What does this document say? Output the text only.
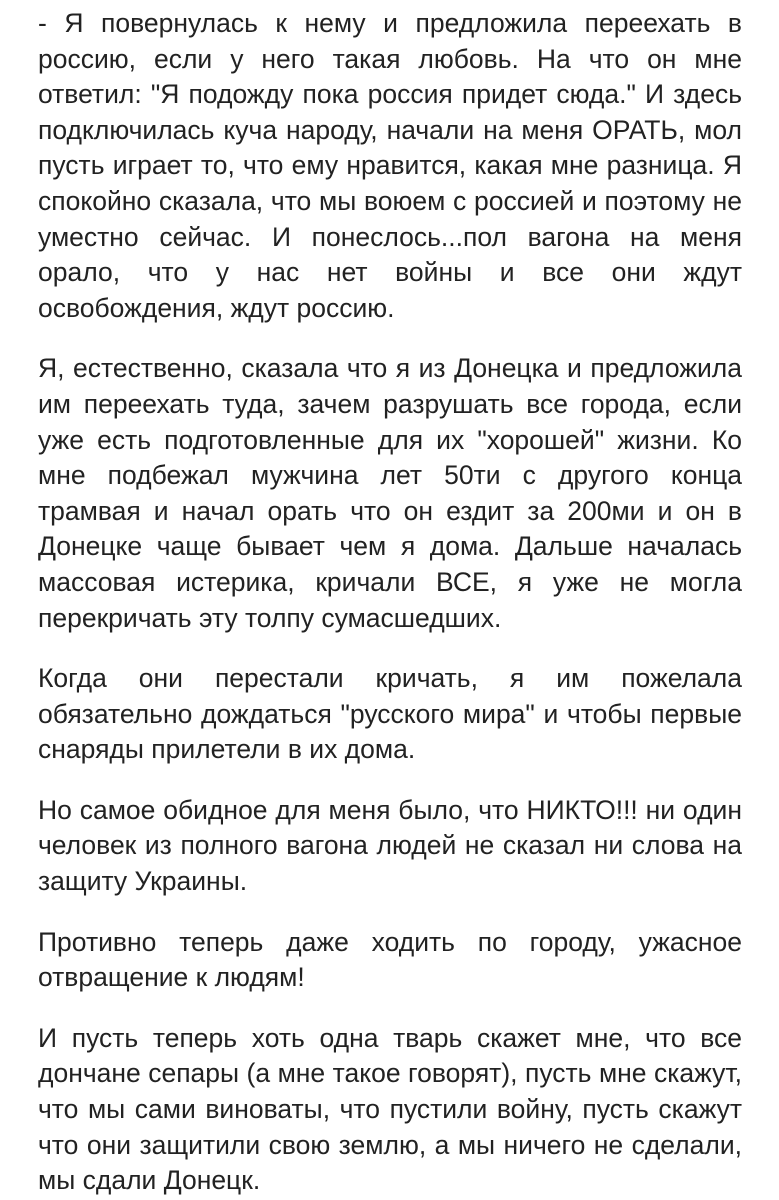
- Я повернулась к нему и предложила переехать в россию, если у него такая любовь. На что он мне ответил: "Я подожду пока россия придет сюда." И здесь подключилась куча народу, начали на меня ОРАТЬ, мол пусть играет то, что ему нравится, какая мне разница. Я спокойно сказала, что мы воюем с россией и поэтому не уместно сейчас. И понеслось...пол вагона на меня орало, что у нас нет войны и все они ждут освобождения, ждут россию.

Я, естественно, сказала что я из Донецка и предложила им переехать туда, зачем разрушать все города, если уже есть подготовленные для их "хорошей" жизни. Ко мне подбежал мужчина лет 50ти с другого конца трамвая и начал орать что он ездит за 200ми и он в Донецке чаще бывает чем я дома. Дальше началась массовая истерика, кричали ВСЕ, я уже не могла перекричать эту толпу сумасшедших.

Когда они перестали кричать, я им пожелала обязательно дождаться "русского мира" и чтобы первые снаряды прилетели в их дома.

Но самое обидное для меня было, что НИКТО!!! ни один человек из полного вагона людей не сказал ни слова на защиту Украины.

Противно теперь даже ходить по городу, ужасное отвращение к людям!

И пусть теперь хоть одна тварь скажет мне, что все дончане сепары (а мне такое говорят), пусть мне скажут, что мы сами виноваты, что пустили войну, пусть скажут что они защитили свою землю, а мы ничего не сделали, мы сдали Донецк.
